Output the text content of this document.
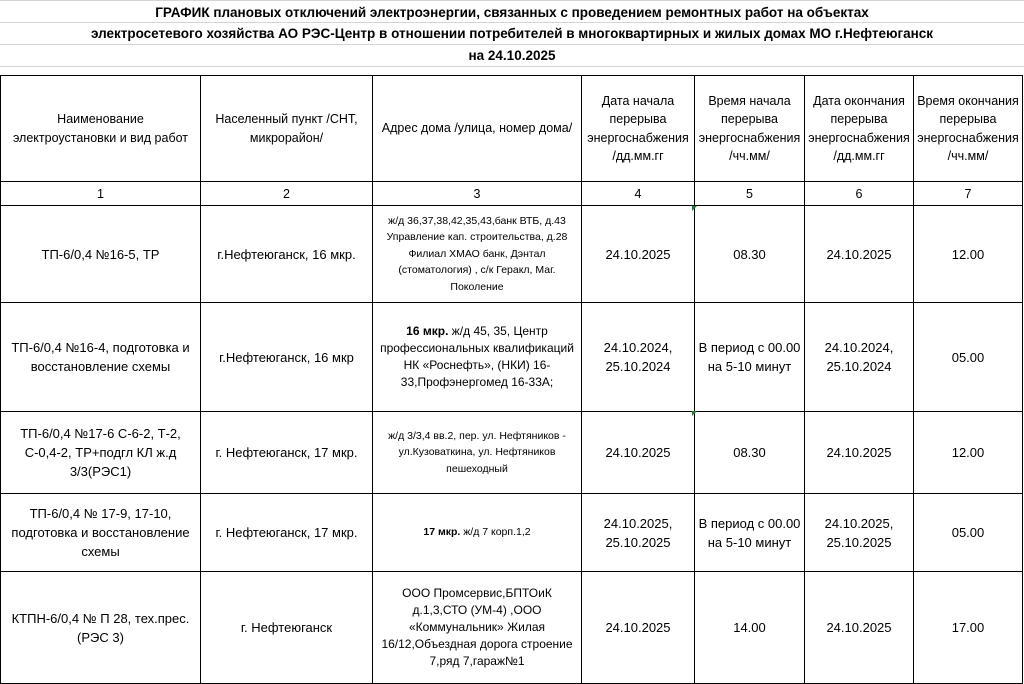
ГРАФИК плановых отключений электроэнергии, связанных с проведением ремонтных работ на объектах
электросетевого хозяйства АО РЭС-Центр в отношении потребителей в многоквартирных и жилых домах МО г.Нефтеюганск
на 24.10.2025
Наименование электроустановки и вид работ	Населенный пункт /СНТ, микрорайон/	Адрес дома /улица, номер дома/	Дата начала перерыва энергоснабжения /дд.мм.гг	Время начала перерыва энергоснабжения /чч.мм/	Дата окончания перерыва энергоснабжения /дд.мм.гг	Время окончания перерыва энергоснабжения /чч.мм/
1	2	3	4	5	6	7
ТП-6/0,4 №16-5, ТР	г.Нефтеюганск, 16 мкр.	ж/д 36,37,38,42,35,43,банк ВТБ, д.43 Управление кап. строительства, д.28 Филиал ХМАО банк, Дэнтал (стоматология) , с/к Геракл, Маг. Поколение	24.10.2025	08.30	24.10.2025	12.00
ТП-6/0,4 №16-4, подготовка и восстановление схемы	г.Нефтеюганск, 16 мкр	16 мкр. ж/д 45, 35, Центр профессиональных квалификаций НК «Роснефть», (НКИ) 16-33,Профэнергомед 16-33А;	24.10.2024, 25.10.2024	В период с 00.00 на 5-10 минут	24.10.2024, 25.10.2024	05.00
ТП-6/0,4 №17-6 С-6-2, Т-2, С-0,4-2, ТР+подгл КЛ ж.д 3/3(РЭС1)	г. Нефтеюганск, 17 мкр.	ж/д 3/3,4 вв.2, пер. ул. Нефтяников - ул.Кузоваткина, ул. Нефтяников пешеходный	24.10.2025	08.30	24.10.2025	12.00
ТП-6/0,4 № 17-9, 17-10, подготовка и восстановление схемы	г. Нефтеюганск, 17 мкр.	17 мкр. ж/д 7 корп.1,2	24.10.2025, 25.10.2025	В период с 00.00 на 5-10 минут	24.10.2025, 25.10.2025	05.00
КТПН-6/0,4 № П 28, тех.прес.(РЭС 3)	г. Нефтеюганск	ООО Промсервис,БПТОиК д.1,3,СТО (УМ-4) ,ООО «Коммунальник» Жилая 16/12,Объездная дорога строение 7,ряд 7,гараж№1	24.10.2025	14.00	24.10.2025	17.00
